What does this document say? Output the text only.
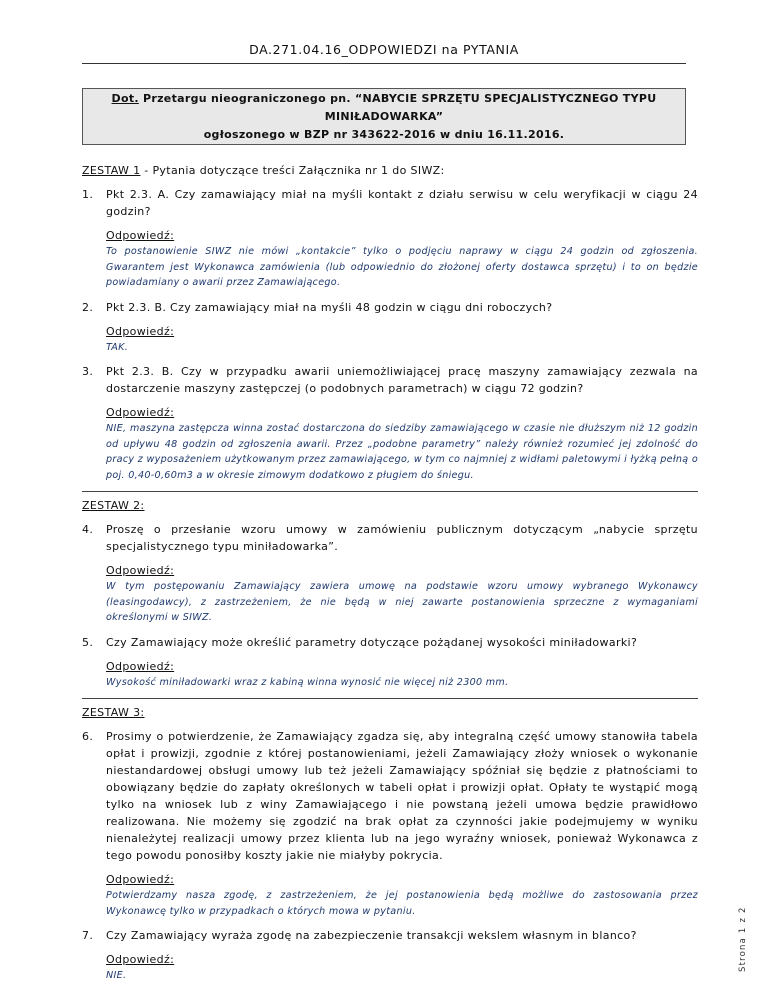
DA.271.04.16_ODPOWIEDZI na PYTANIA
Dot. Przetargu nieograniczonego pn. “NABYCIE SPRZĘTU SPECJALISTYCZNEGO TYPU MINIŁADOWARKA”
ogłoszonego w BZP nr 343622-2016 w dniu 16.11.2016.
ZESTAW 1 - Pytania dotyczące treści Załącznika nr 1 do SIWZ:
1.	Pkt 2.3. A. Czy zamawiający miał na myśli kontakt z działu serwisu w celu weryfikacji w ciągu 24 godzin?
Odpowiedź:
To postanowienie SIWZ nie mówi „kontakcie” tylko o podjęciu naprawy w ciągu 24 godzin od zgłoszenia. Gwarantem jest Wykonawca zamówienia (lub odpowiednio do złożonej oferty dostawca sprzętu) i to on będzie powiadamiany o awarii przez Zamawiającego.
2.	Pkt 2.3. B. Czy zamawiający miał na myśli 48 godzin w ciągu dni roboczych?
Odpowiedź:
TAK.
3.	Pkt 2.3. B. Czy w przypadku awarii uniemożliwiającej pracę maszyny zamawiający zezwala na dostarczenie maszyny zastępczej (o podobnych parametrach) w ciągu 72 godzin?
Odpowiedź:
NIE, maszyna zastępcza winna zostać dostarczona do siedziby zamawiającego w czasie nie dłuższym niż 12 godzin od upływu 48 godzin od zgłoszenia awarii. Przez „podobne parametry” należy również rozumieć jej zdolność do pracy z wyposażeniem użytkowanym przez zamawiającego, w tym co najmniej z widłami paletowymi i łyżką pełną o poj. 0,40-0,60m3 a w okresie zimowym dodatkowo z pługiem do śniegu.
ZESTAW 2:
4.	Proszę o przesłanie wzoru umowy w zamówieniu publicznym dotyczącym „nabycie sprzętu specjalistycznego typu miniładowarka”.
Odpowiedź:
W tym postępowaniu Zamawiający zawiera umowę na podstawie wzoru umowy wybranego Wykonawcy (leasingodawcy), z zastrzeżeniem, że nie będą w niej zawarte postanowienia sprzeczne z wymaganiami określonymi w SIWZ.
5.	Czy Zamawiający może określić parametry dotyczące pożądanej wysokości miniładowarki?
Odpowiedź:
Wysokość miniładowarki wraz z kabiną winna wynosić nie więcej niż 2300 mm.
ZESTAW 3:
6.	Prosimy o potwierdzenie, że Zamawiający zgadza się, aby integralną część umowy stanowiła tabela opłat i prowizji, zgodnie z której postanowieniami, jeżeli Zamawiający złoży wniosek o wykonanie niestandardowej obsługi umowy lub też jeżeli Zamawiający spóźniał się będzie z płatnościami to obowiązany będzie do zapłaty określonych w tabeli opłat i prowizji opłat. Opłaty te wystąpić mogą tylko na wniosek lub z winy Zamawiającego i nie powstaną jeżeli umowa będzie prawidłowo realizowana. Nie możemy się zgodzić na brak opłat za czynności jakie podejmujemy w wyniku nienależytej realizacji umowy przez klienta lub na jego wyraźny wniosek, ponieważ Wykonawca z tego powodu ponosiłby koszty jakie nie miałyby pokrycia.
Odpowiedź:
Potwierdzamy nasza zgodę, z zastrzeżeniem, że jej postanowienia będą możliwe do zastosowania przez Wykonawcę tylko w przypadkach o których mowa w pytaniu.
7.	Czy Zamawiający wyraża zgodę na zabezpieczenie transakcji wekslem własnym in blanco?
Odpowiedź:
NIE.
Strona 1 z 2
